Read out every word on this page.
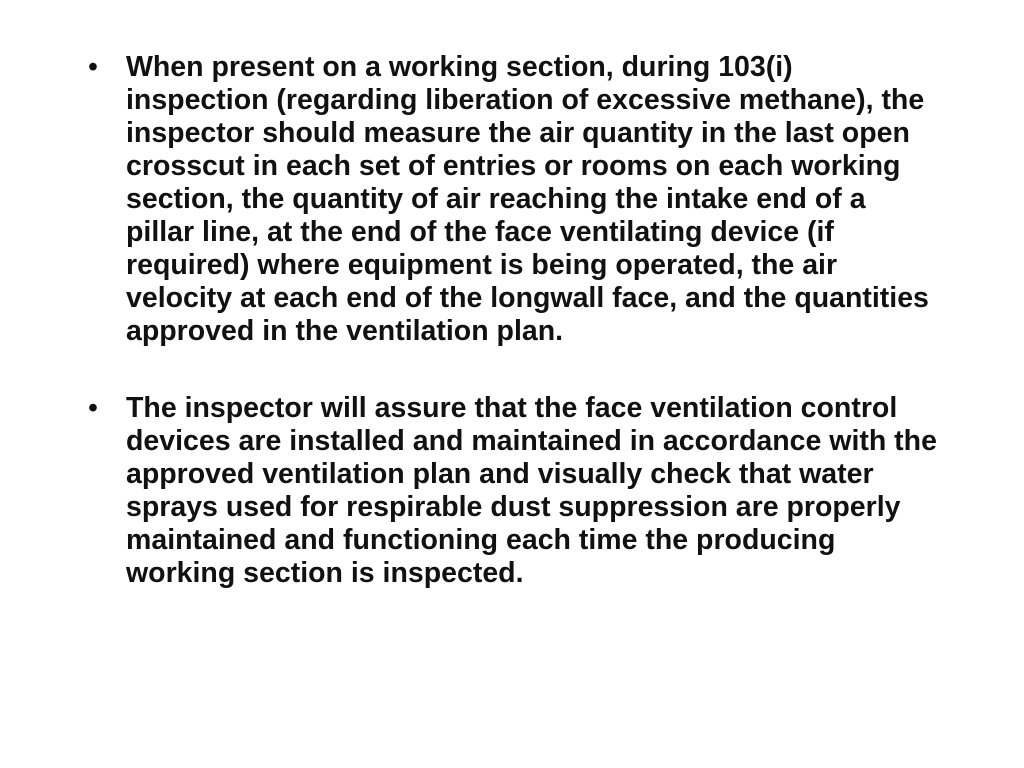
• When present on a working section, during 103(i) inspection (regarding liberation of excessive methane), the inspector should measure the air quantity in the last open crosscut in each set of entries or rooms on each working section, the quantity of air reaching the intake end of a pillar line, at the end of the face ventilating device (if required) where equipment is being operated, the air velocity at each end of the longwall face, and the quantities approved in the ventilation plan.
• The inspector will assure that the face ventilation control devices are installed and maintained in accordance with the approved ventilation plan and visually check that water sprays used for respirable dust suppression are properly maintained and functioning each time the producing working section is inspected.
